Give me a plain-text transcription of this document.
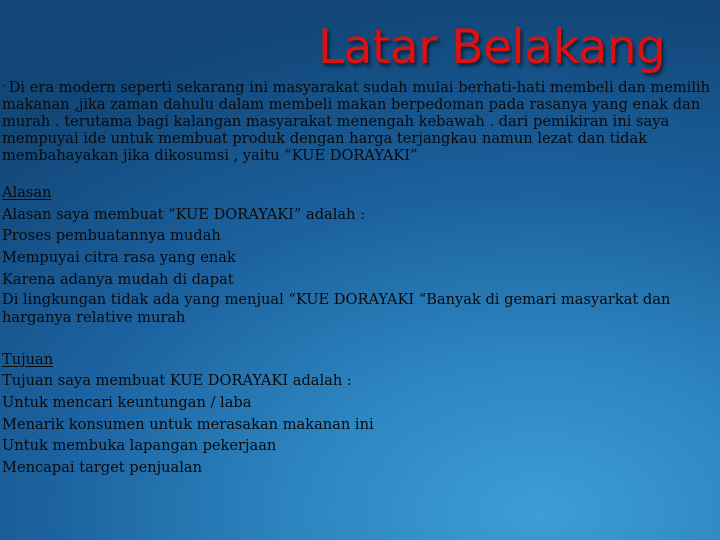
Latar Belakang

• Di era modern seperti sekarang ini masyarakat sudah mulai berhati-hati membeli dan memilih makanan ,jika zaman dahulu dalam membeli makan berpedoman pada rasanya yang enak dan murah . terutama bagi kalangan masyarakat menengah kebawah . dari pemikiran ini saya mempuyai ide untuk membuat produk dengan harga terjangkau namun lezat dan tidak membahayakan jika dikosumsi , yaitu “KUE DORAYAKI”

Alasan

Alasan saya membuat “KUE DORAYAKI” adalah :

Proses pembuatannya mudah

Mempuyai citra rasa yang enak

Karena adanya mudah di dapat

Di lingkungan tidak ada yang menjual “KUE DORAYAKI “Banyak di gemari masyarkat dan harganya relative murah

Tujuan

Tujuan saya membuat KUE DORAYAKI adalah :

Untuk mencari keuntungan / laba

Menarik konsumen untuk merasakan makanan ini

Untuk membuka lapangan pekerjaan

Mencapai target penjualan
